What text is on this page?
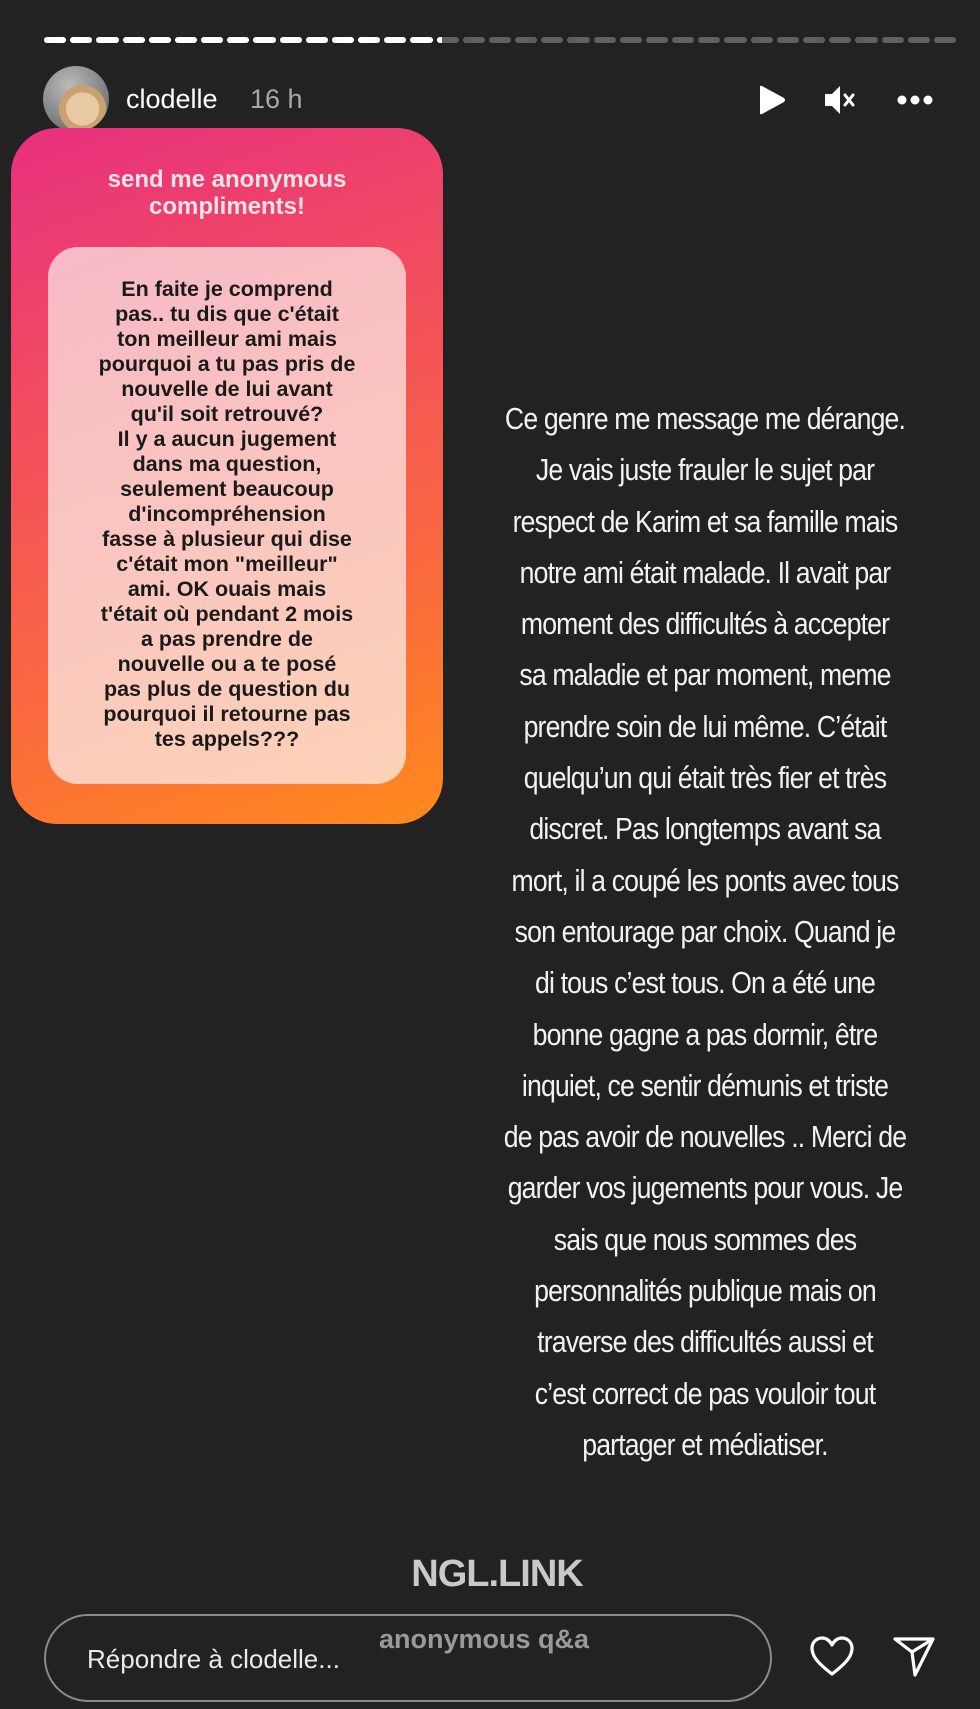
clodelle 16 h
send me anonymous
compliments!
En faite je comprend
pas.. tu dis que c'était
ton meilleur ami mais
pourquoi a tu pas pris de
nouvelle de lui avant
qu'il soit retrouvé?
Il y a aucun jugement
dans ma question,
seulement beaucoup
d'incompréhension
fasse à plusieur qui dise
c'était mon "meilleur"
ami. OK ouais mais
t'était où pendant 2 mois
a pas prendre de
nouvelle ou a te posé
pas plus de question du
pourquoi il retourne pas
tes appels???
Ce genre me message me dérange.
Je vais juste frauler le sujet par
respect de Karim et sa famille mais
notre ami était malade. Il avait par
moment des difficultés à accepter
sa maladie et par moment, meme
prendre soin de lui même. C’était
quelqu’un qui était très fier et très
discret. Pas longtemps avant sa
mort, il a coupé les ponts avec tous
son entourage par choix. Quand je
di tous c’est tous. On a été une
bonne gagne a pas dormir, être
inquiet, ce sentir démunis et triste
de pas avoir de nouvelles .. Merci de
garder vos jugements pour vous. Je
sais que nous sommes des
personnalités publique mais on
traverse des difficultés aussi et
c’est correct de pas vouloir tout
partager et médiatiser.
NGL.LINK
Répondre à clodelle...
anonymous q&a
